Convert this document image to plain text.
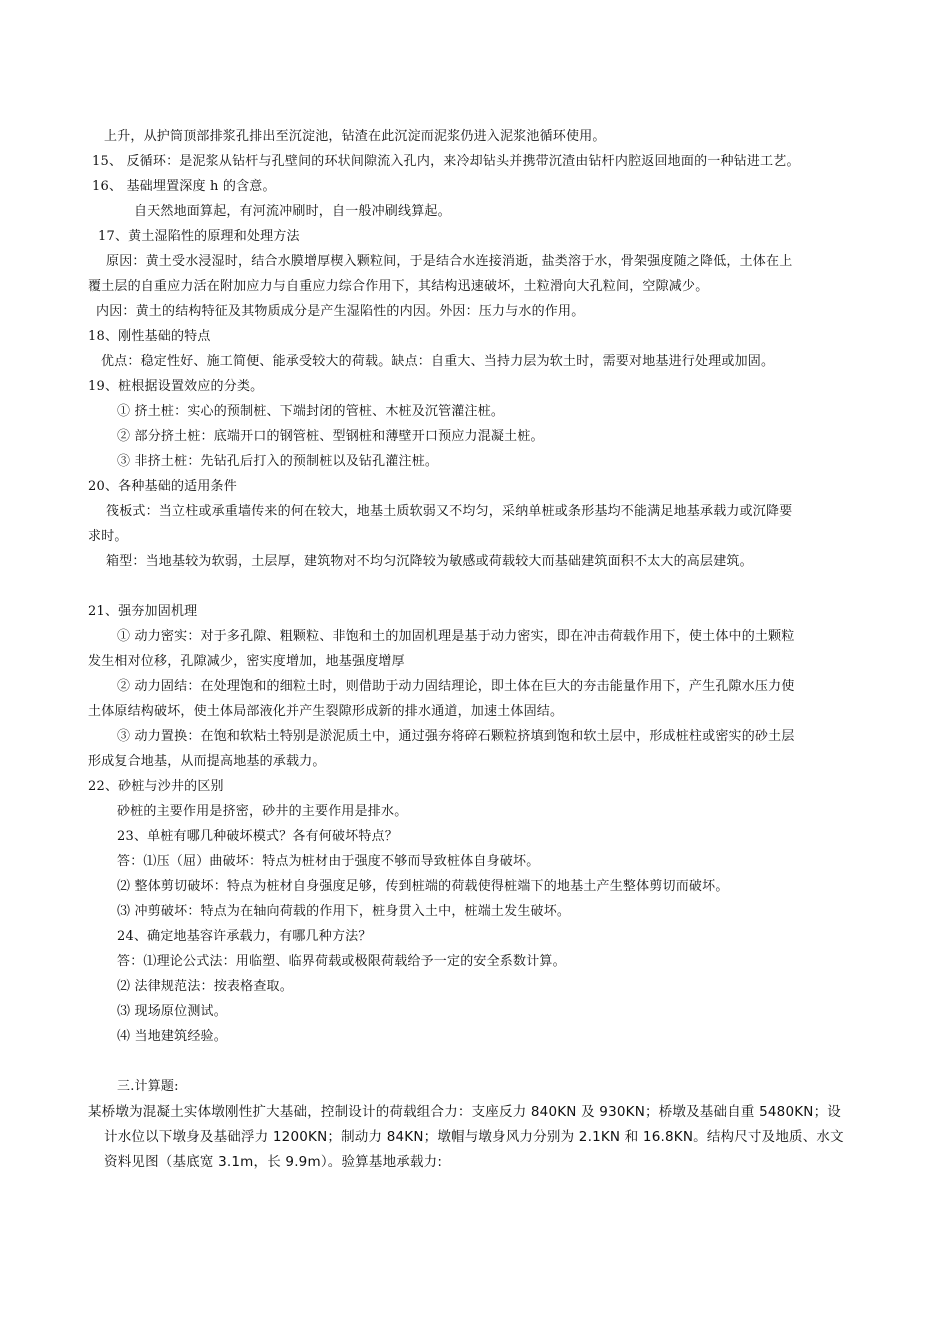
上升，从护筒顶部排浆孔排出至沉淀池，钻渣在此沉淀而泥浆仍进入泥浆池循环使用。
15、 反循环：是泥浆从钻杆与孔壁间的环状间隙流入孔内，来冷却钻头并携带沉渣由钻杆内腔返回地面的一种钻进工艺。
16、 基础埋置深度 h 的含意。
自天然地面算起，有河流冲刷时，自一般冲刷线算起。
17、黄土湿陷性的原理和处理方法
原因：黄土受水浸湿时，结合水膜增厚楔入颗粒间，于是结合水连接消逝，盐类溶于水，骨架强度随之降低，土体在上
覆土层的自重应力活在附加应力与自重应力综合作用下，其结构迅速破坏，土粒滑向大孔粒间，空隙减少。
内因：黄土的结构特征及其物质成分是产生湿陷性的内因。外因：压力与水的作用。
18、刚性基础的特点
优点：稳定性好、施工简便、能承受较大的荷载。缺点：自重大、当持力层为软土时，需要对地基进行处理或加固。
19、桩根据设置效应的分类。
① 挤土桩：实心的预制桩、下端封闭的管桩、木桩及沉管灌注桩。
② 部分挤土桩：底端开口的钢管桩、型钢桩和薄壁开口预应力混凝土桩。
③ 非挤土桩：先钻孔后打入的预制桩以及钻孔灌注桩。
20、各种基础的适用条件
筏板式：当立柱或承重墙传来的何在较大，地基土质软弱又不均匀，采纳单桩或条形基均不能满足地基承载力或沉降要
求时。
箱型：当地基较为软弱，土层厚，建筑物对不均匀沉降较为敏感或荷载较大而基础建筑面积不太大的高层建筑。
21、强夯加固机理
① 动力密实：对于多孔隙、粗颗粒、非饱和土的加固机理是基于动力密实，即在冲击荷载作用下，使土体中的土颗粒
发生相对位移，孔隙减少，密实度增加，地基强度增厚
② 动力固结：在处理饱和的细粒土时，则借助于动力固结理论，即土体在巨大的夯击能量作用下，产生孔隙水压力使
土体原结构破坏，使土体局部液化并产生裂隙形成新的排水通道，加速土体固结。
③ 动力置换：在饱和软粘土特别是淤泥质土中，通过强夯将碎石颗粒挤填到饱和软土层中，形成桩柱或密实的砂土层
形成复合地基，从而提高地基的承载力。
22、砂桩与沙井的区别
砂桩的主要作用是挤密，砂井的主要作用是排水。
23、单桩有哪几种破坏模式？各有何破坏特点？
答：⑴压（屈）曲破坏：特点为桩材由于强度不够而导致桩体自身破坏。
⑵ 整体剪切破坏：特点为桩材自身强度足够，传到桩端的荷载使得桩端下的地基土产生整体剪切而破坏。
⑶ 冲剪破坏：特点为在轴向荷载的作用下，桩身贯入土中，桩端土发生破坏。
24、确定地基容许承载力，有哪几种方法？
答：⑴理论公式法：用临塑、临界荷载或极限荷载给予一定的安全系数计算。
⑵ 法律规范法：按表格查取。
⑶ 现场原位测试。
⑷ 当地建筑经验。
三.计算题:
某桥墩为混凝土实体墩刚性扩大基础，控制设计的荷载组合力：支座反力 840KN 及 930KN；桥墩及基础自重 5480KN；设
计水位以下墩身及基础浮力 1200KN；制动力 84KN；墩帽与墩身风力分别为 2.1KN 和 16.8KN。结构尺寸及地质、水文
资料见图（基底宽 3.1m，长 9.9m）。验算基地承载力:
